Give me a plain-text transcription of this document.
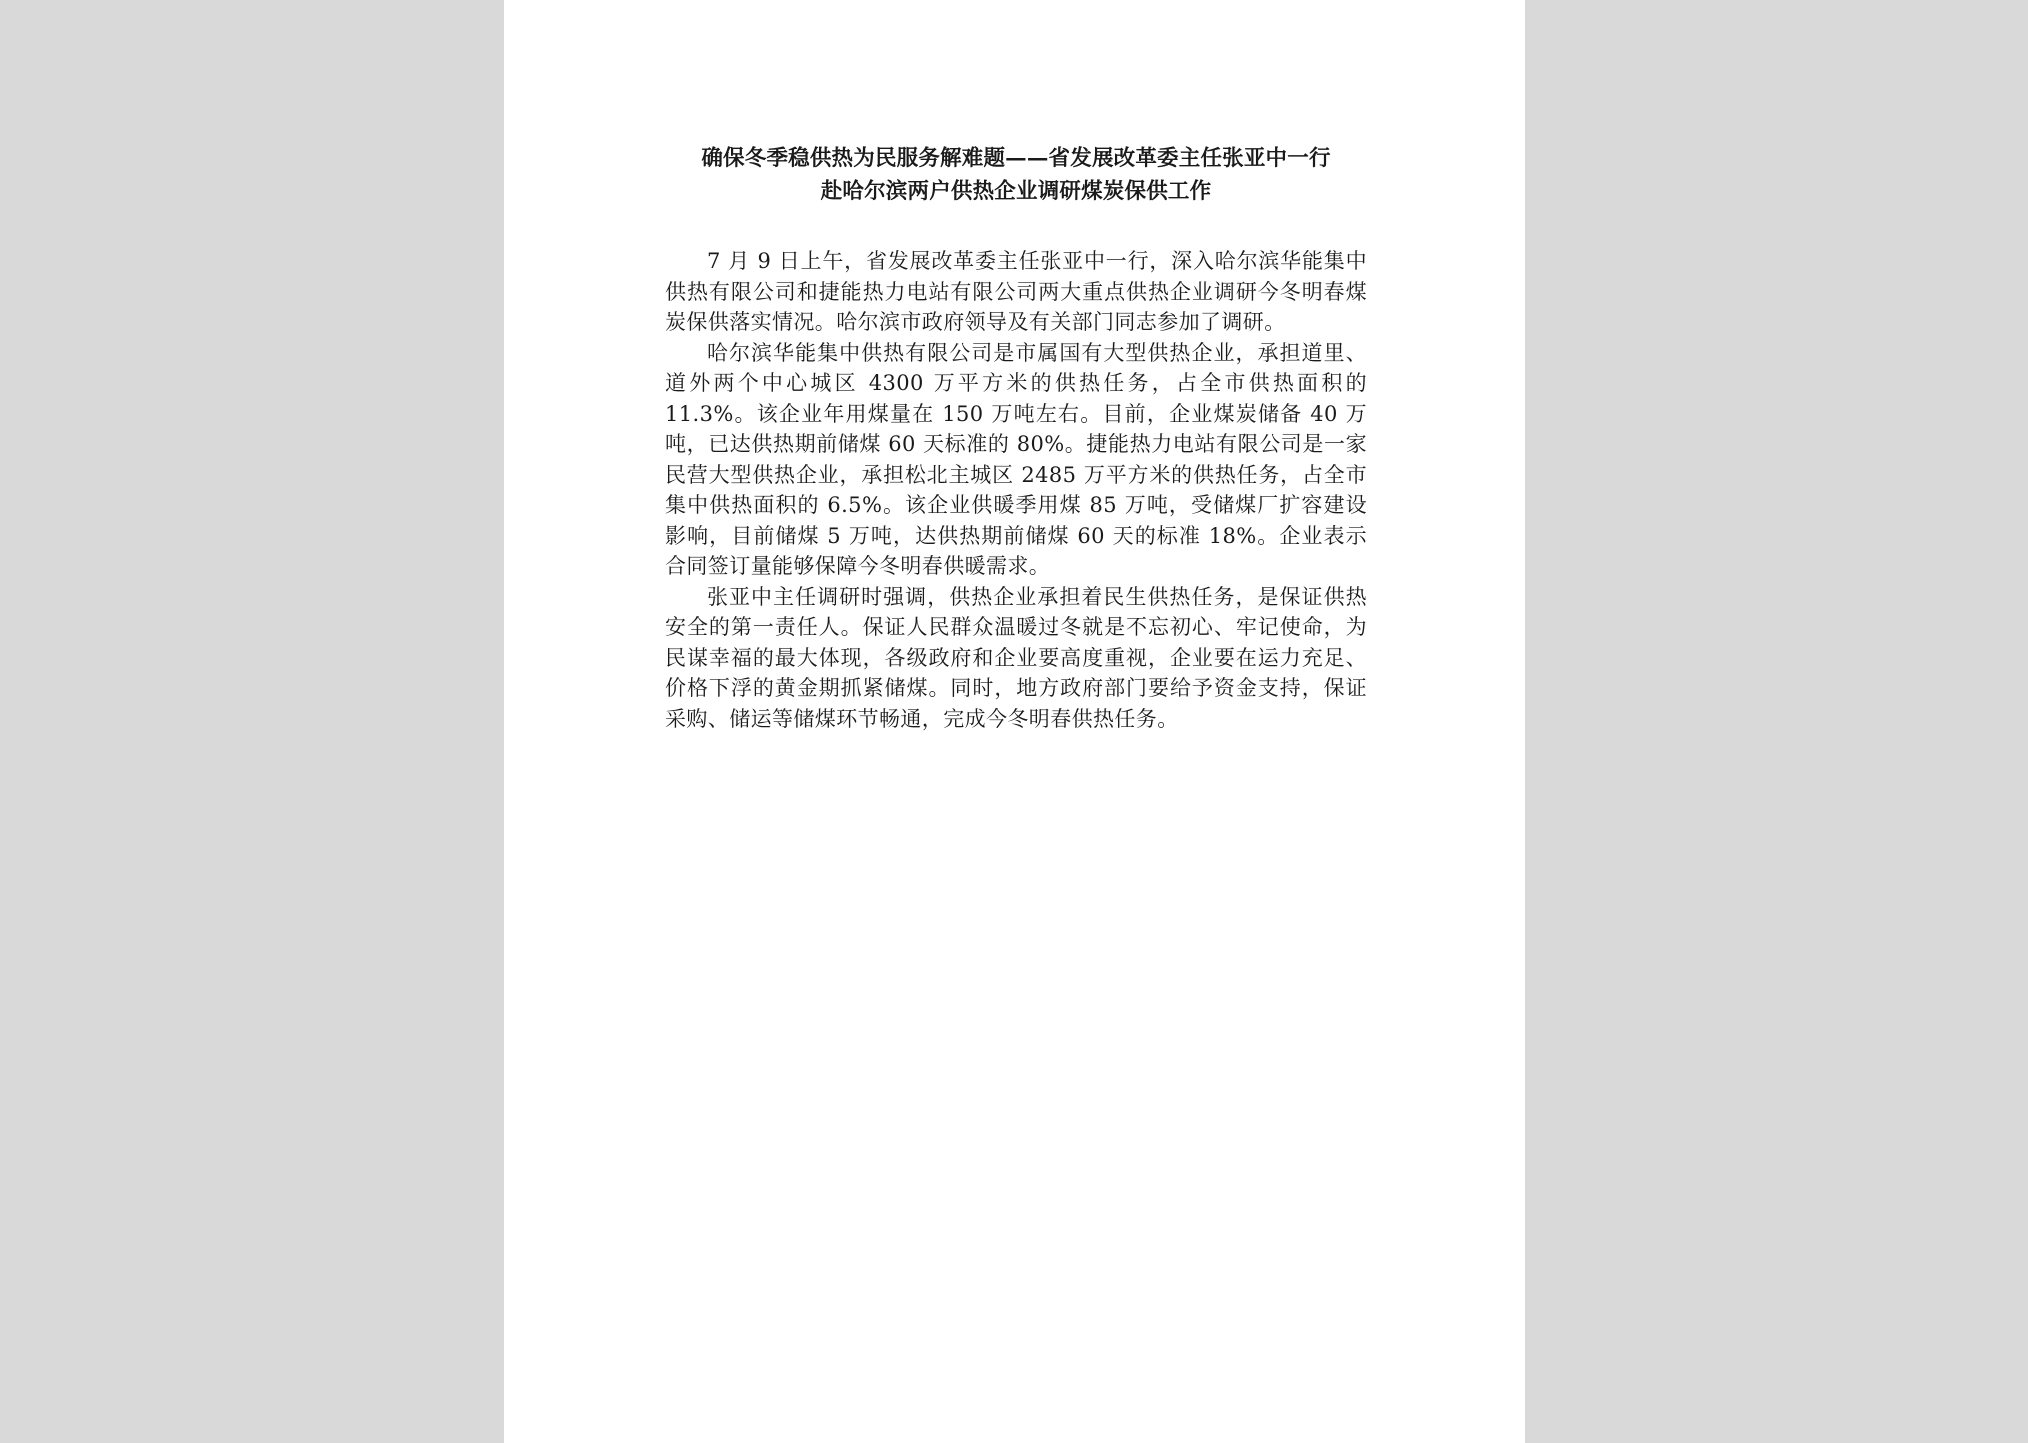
确保冬季稳供热为民服务解难题——省发展改革委主任张亚中一行
赴哈尔滨两户供热企业调研煤炭保供工作

7 月 9 日上午，省发展改革委主任张亚中一行，深入哈尔滨华能集中供热有限公司和捷能热力电站有限公司两大重点供热企业调研今冬明春煤炭保供落实情况。哈尔滨市政府领导及有关部门同志参加了调研。

哈尔滨华能集中供热有限公司是市属国有大型供热企业，承担道里、道外两个中心城区 4300 万平方米的供热任务，占全市供热面积的 11.3%。该企业年用煤量在 150 万吨左右。目前，企业煤炭储备 40 万吨，已达供热期前储煤 60 天标准的 80%。捷能热力电站有限公司是一家民营大型供热企业，承担松北主城区 2485 万平方米的供热任务，占全市集中供热面积的 6.5%。该企业供暖季用煤 85 万吨，受储煤厂扩容建设影响，目前储煤 5 万吨，达供热期前储煤 60 天的标准 18%。企业表示合同签订量能够保障今冬明春供暖需求。

张亚中主任调研时强调，供热企业承担着民生供热任务，是保证供热安全的第一责任人。保证人民群众温暖过冬就是不忘初心、牢记使命，为民谋幸福的最大体现，各级政府和企业要高度重视，企业要在运力充足、价格下浮的黄金期抓紧储煤。同时，地方政府部门要给予资金支持，保证采购、储运等储煤环节畅通，完成今冬明春供热任务。
